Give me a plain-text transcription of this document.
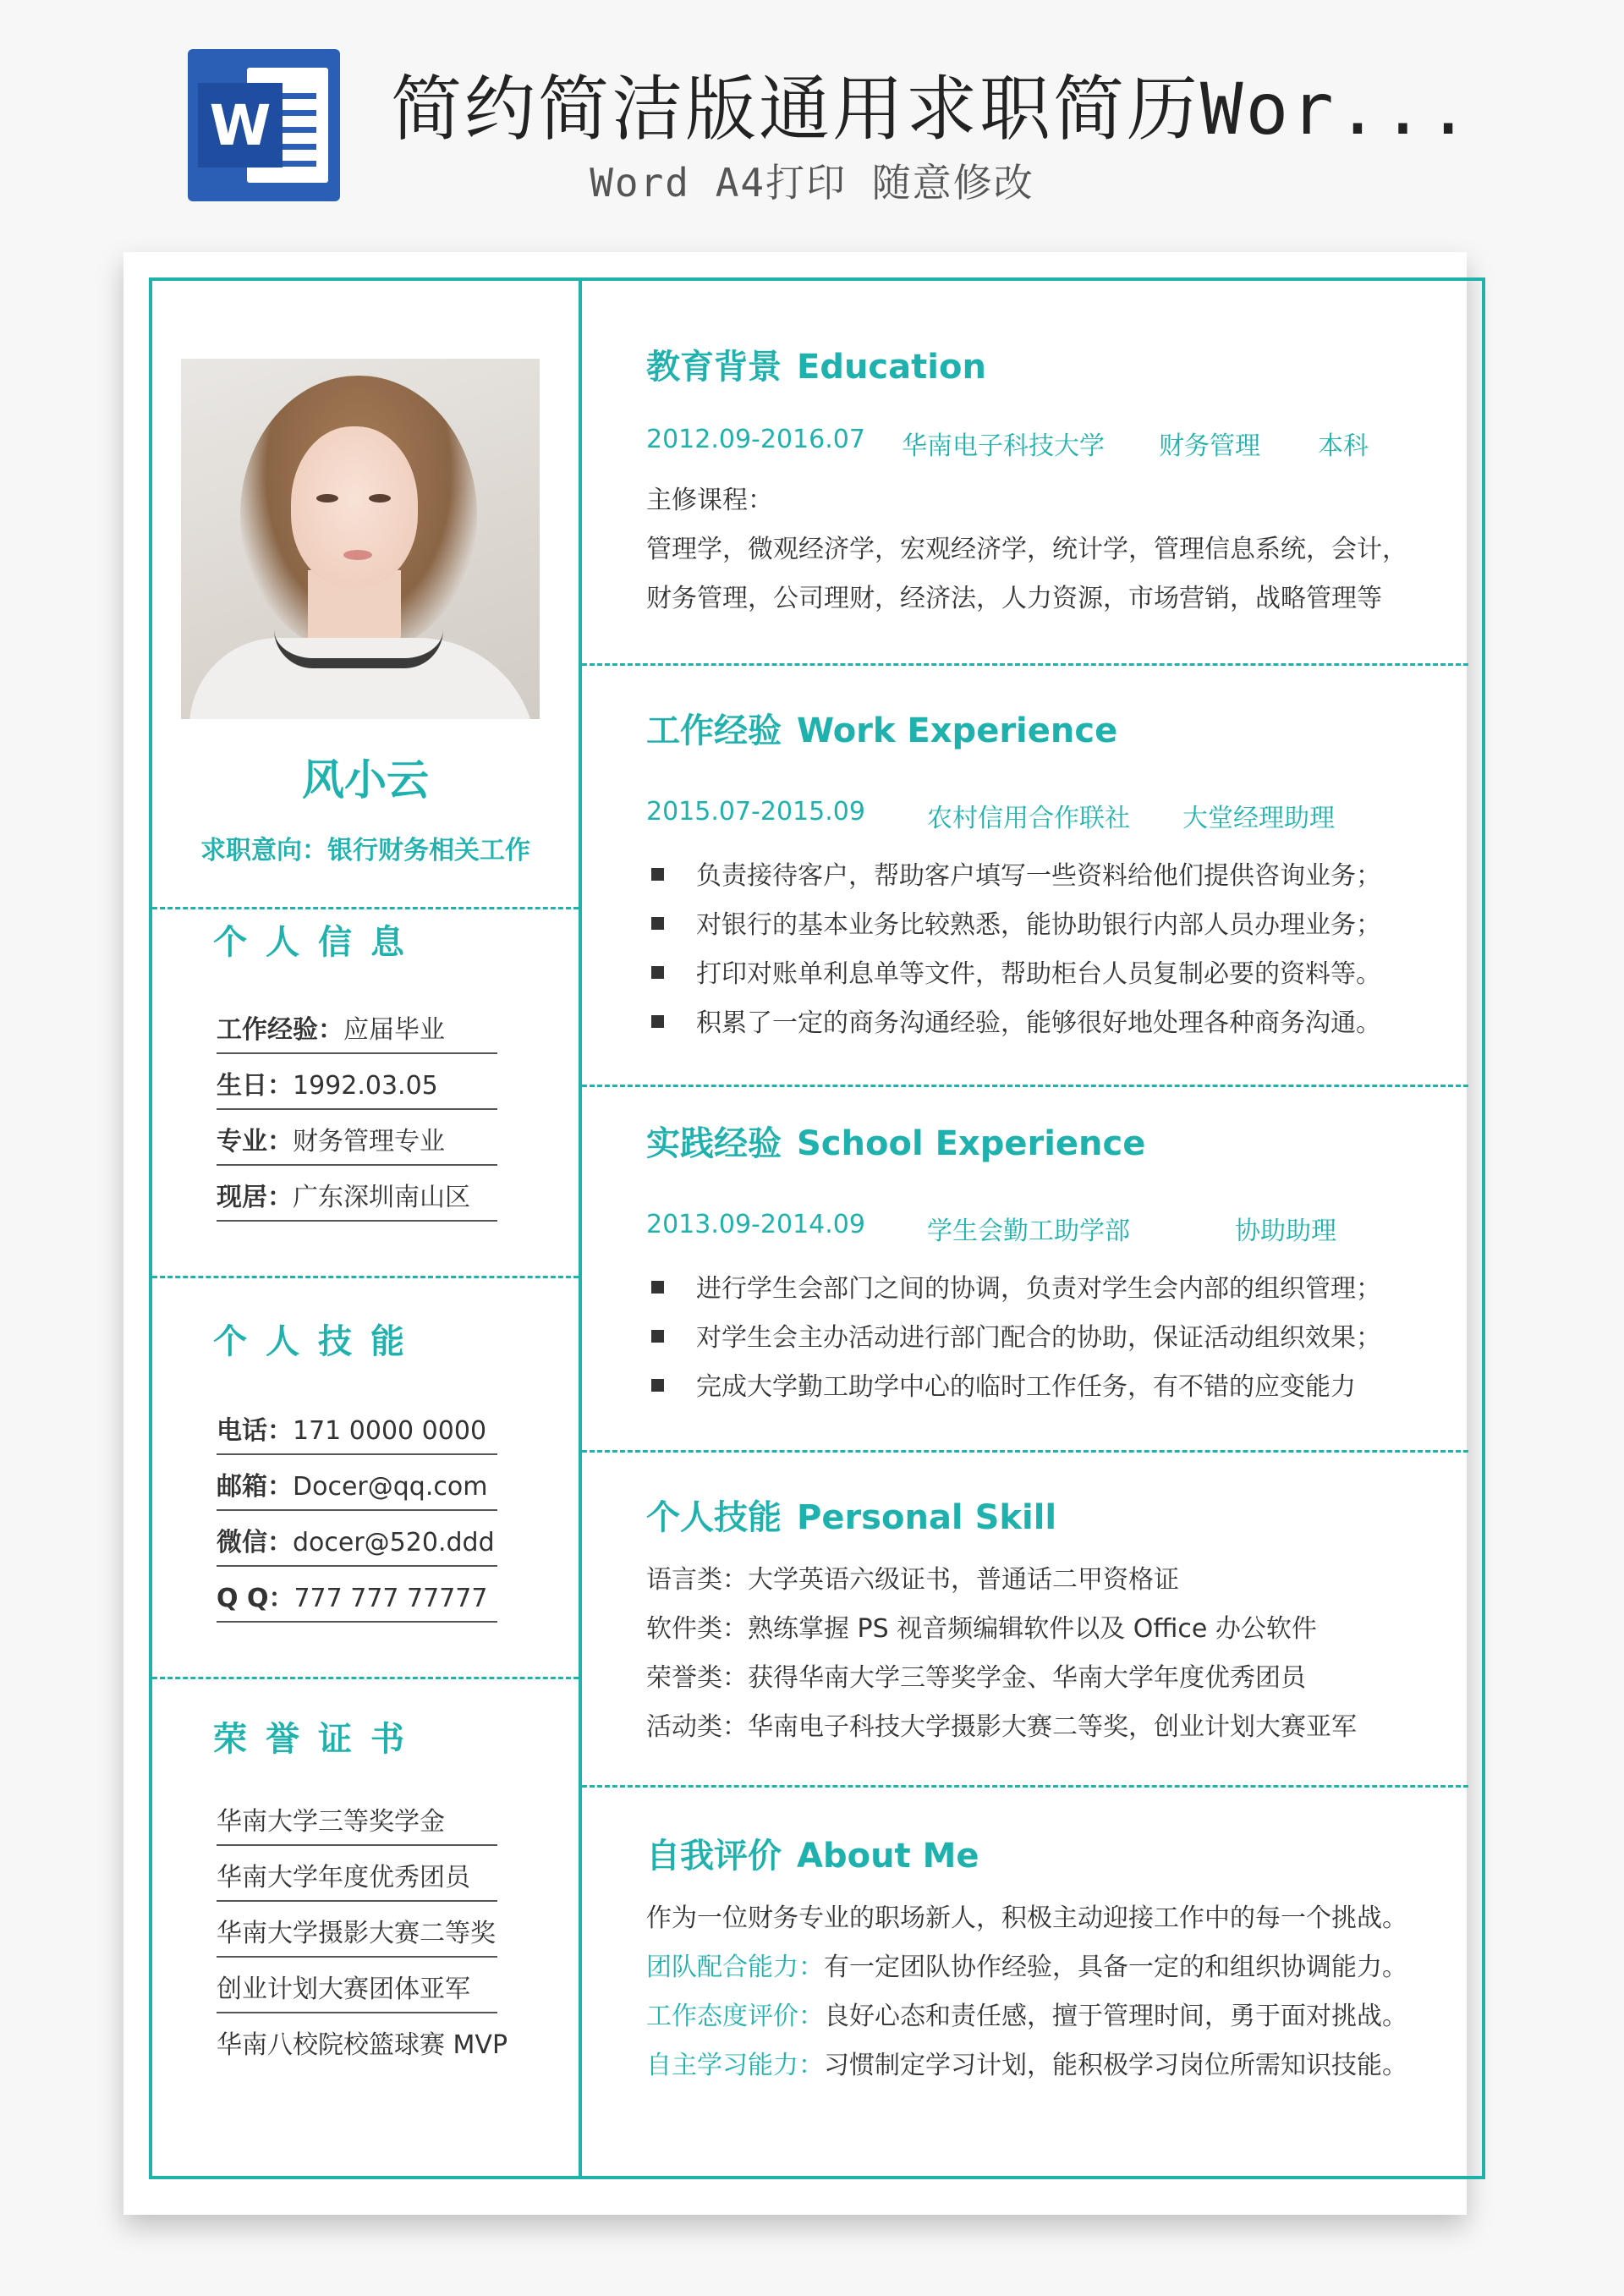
W 简约简洁版通用求职简历Wor...
Word A4打印 随意修改
风小云
求职意向：银行财务相关工作
个人信息
工作经验：应届毕业
生日：1992.03.05
专业：财务管理专业
现居：广东深圳南山区
个人技能
电话：171 0000 0000
邮箱：Docer@qq.com
微信：docer@520.ddd
Q Q：777 777 77777
荣誉证书
华南大学三等奖学金
华南大学年度优秀团员
华南大学摄影大赛二等奖
创业计划大赛团体亚军
华南八校院校篮球赛 MVP
教育背景 Education
2012.09-2016.07 华南电子科技大学 财务管理 本科
主修课程：
管理学，微观经济学，宏观经济学，统计学，管理信息系统，会计，
财务管理，公司理财，经济法，人力资源，市场营销，战略管理等
工作经验 Work Experience
2015.07-2015.09 农村信用合作联社 大堂经理助理
负责接待客户，帮助客户填写一些资料给他们提供咨询业务；
对银行的基本业务比较熟悉，能协助银行内部人员办理业务；
打印对账单利息单等文件，帮助柜台人员复制必要的资料等。
积累了一定的商务沟通经验，能够很好地处理各种商务沟通。
实践经验 School Experience
2013.09-2014.09 学生会勤工助学部	协助助理
进行学生会部门之间的协调，负责对学生会内部的组织管理；
对学生会主办活动进行部门配合的协助，保证活动组织效果；
完成大学勤工助学中心的临时工作任务，有不错的应变能力
个人技能 Personal Skill
语言类：大学英语六级证书，普通话二甲资格证
软件类：熟练掌握 PS 视音频编辑软件以及 Office 办公软件
荣誉类：获得华南大学三等奖学金、华南大学年度优秀团员
活动类：华南电子科技大学摄影大赛二等奖，创业计划大赛亚军
自我评价 About Me
作为一位财务专业的职场新人，积极主动迎接工作中的每一个挑战。
团队配合能力：有一定团队协作经验，具备一定的和组织协调能力。
工作态度评价：良好心态和责任感，擅于管理时间，勇于面对挑战。
自主学习能力：习惯制定学习计划，能积极学习岗位所需知识技能。
